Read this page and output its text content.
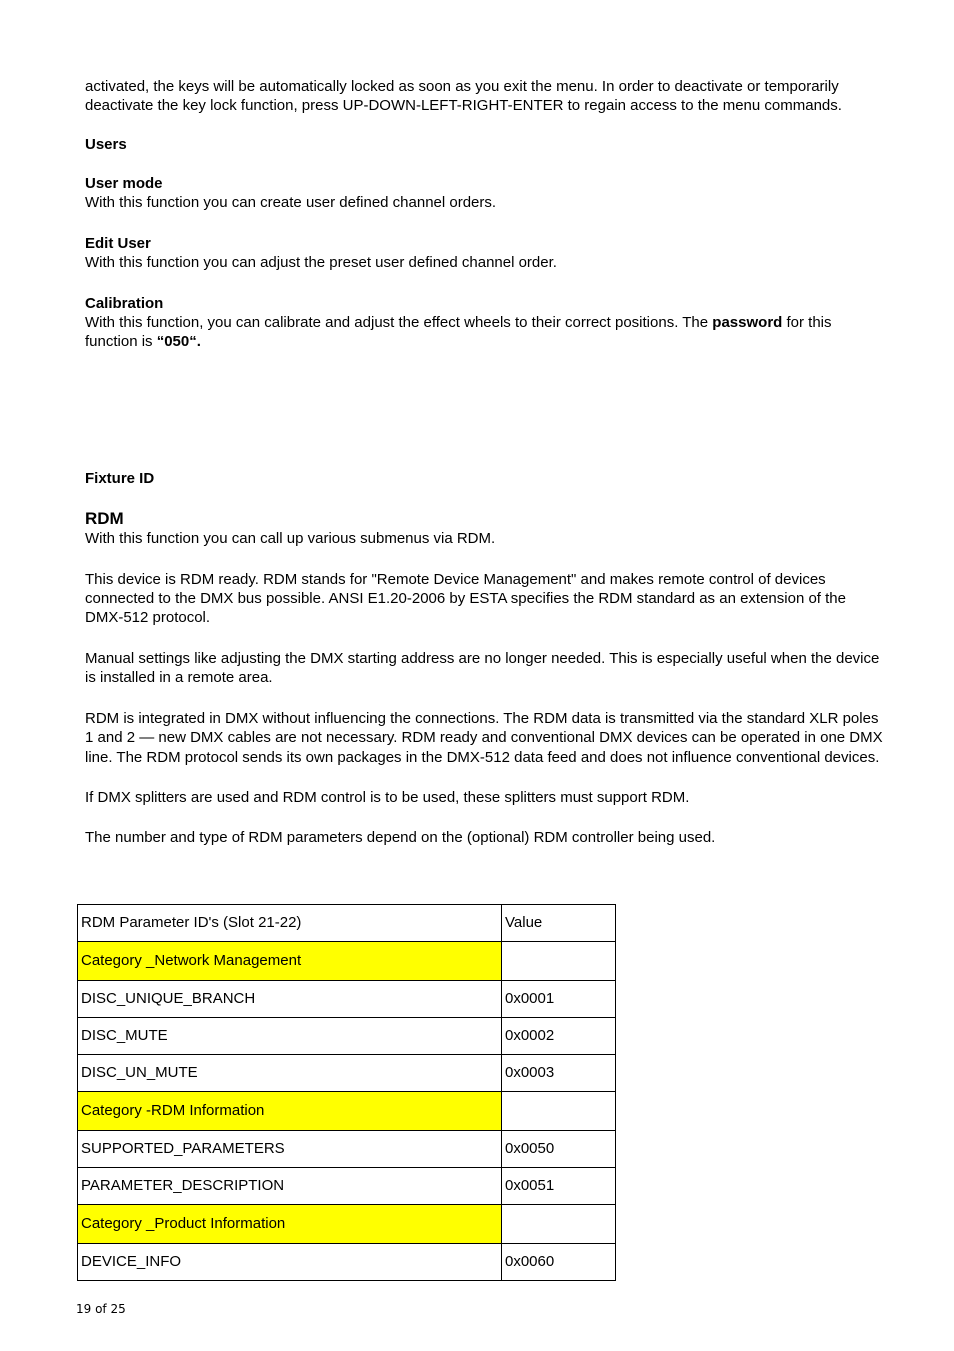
activated, the keys will be automatically locked as soon as you exit the menu. In order to deactivate or temporarily deactivate the key lock function, press UP-DOWN-LEFT-RIGHT-ENTER to regain access to the menu commands.

Users

User mode

With this function you can create user defined channel orders.

Edit User

With this function you can adjust the preset user defined channel order.

Calibration

With this function, you can calibrate and adjust the effect wheels to their correct positions. The password for this function is “050“.

Fixture ID

RDM

With this function you can call up various submenus via RDM.

This device is RDM ready. RDM stands for "Remote Device Management" and makes remote control of devices connected to the DMX bus possible. ANSI E1.20-2006 by ESTA specifies the RDM standard as an extension of the DMX-512 protocol.

Manual settings like adjusting the DMX starting address are no longer needed. This is especially useful when the device is installed in a remote area.

RDM is integrated in DMX without influencing the connections. The RDM data is transmitted via the standard XLR poles 1 and 2 — new DMX cables are not necessary. RDM ready and conventional DMX devices can be operated in one DMX line. The RDM protocol sends its own packages in the DMX-512 data feed and does not influence conventional devices.

If DMX splitters are used and RDM control is to be used, these splitters must support RDM.

The number and type of RDM parameters depend on the (optional) RDM controller being used.

RDM Parameter ID's (Slot 21-22)	Value
Category _Network Management	
DISC_UNIQUE_BRANCH	0x0001
DISC_MUTE	0x0002
DISC_UN_MUTE	0x0003
Category -RDM Information	
SUPPORTED_PARAMETERS	0x0050
PARAMETER_DESCRIPTION	0x0051
Category _Product Information	
DEVICE_INFO	0x0060
19 of 25
